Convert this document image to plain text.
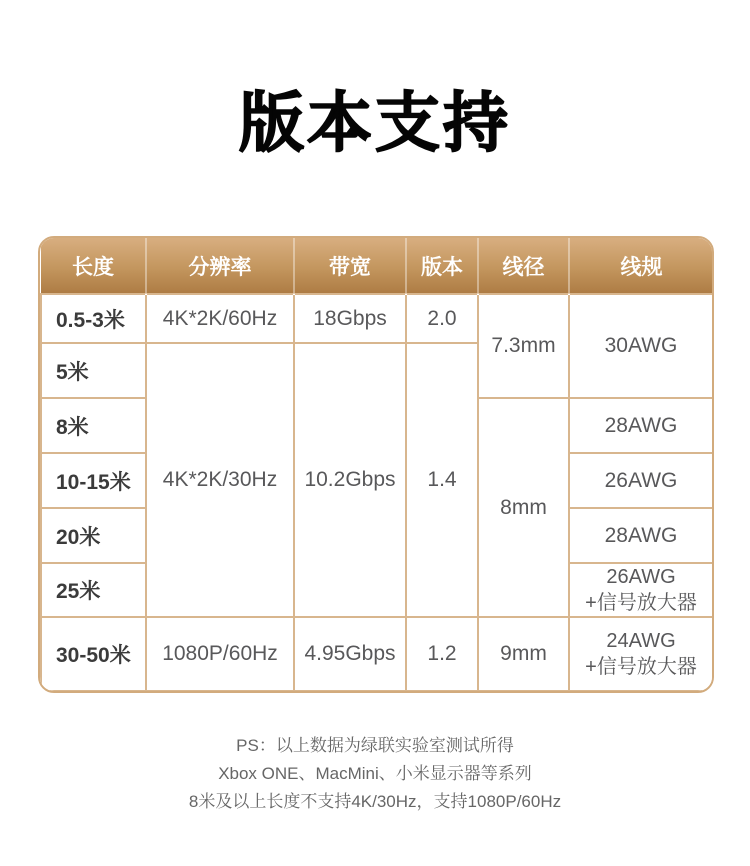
版本支持
长度	分辨率	带宽	版本	线径	线规
0.5-3米	4K*2K/60Hz	18Gbps	2.0	7.3mm	30AWG
5米	4K*2K/30Hz	10.2Gbps	1.4		
8米				8mm	28AWG
10-15米					26AWG
20米					28AWG
25米					26AWG
+信号放大器

30-50米	1080P/60Hz	4.95Gbps	1.2	9mm	24AWG
+信号放大器
PS：以上数据为绿联实验室测试所得
Xbox ONE、MacMini、小米显示器等系列
8米及以上长度不支持4K/30Hz，支持1080P/60Hz
